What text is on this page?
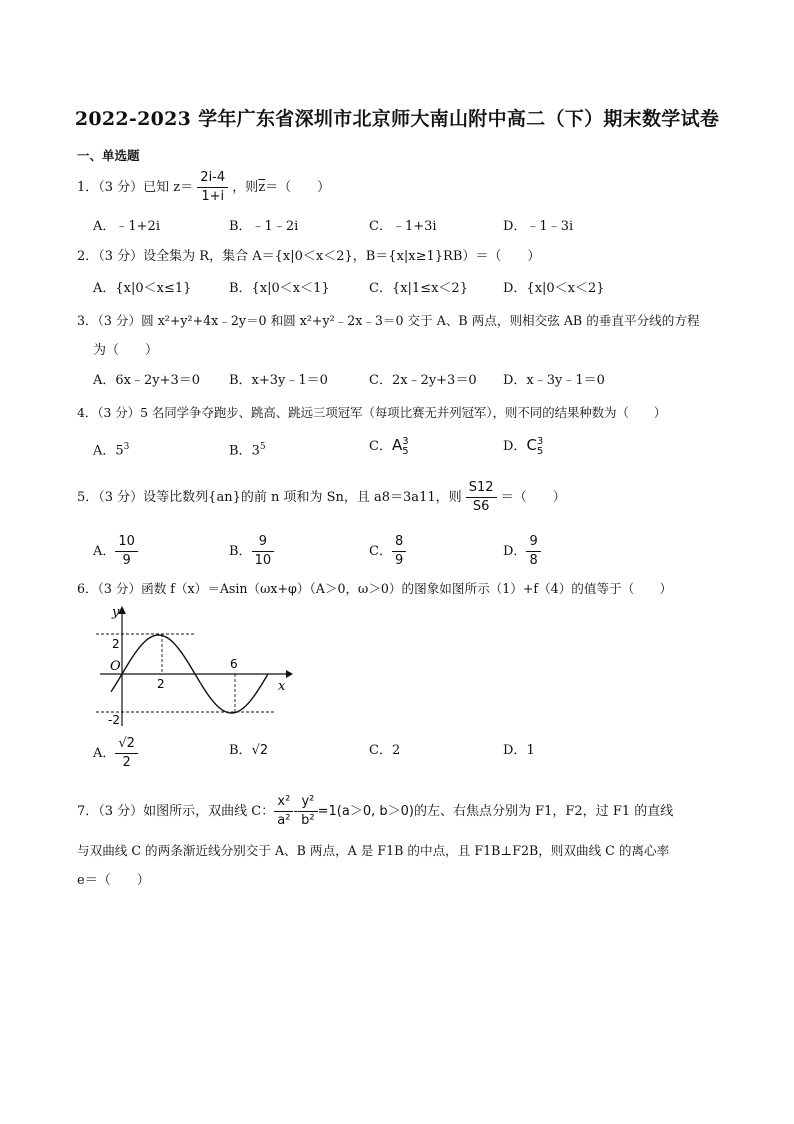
2022-2023 学年广东省深圳市北京师大南山附中高二（下）期末数学试卷
一、单选题
1．（3 分）已知 $z= \frac{2i-4}{1+i}$ ，则$\overline{z}=$（　　）
A．﹣1+2i	B．﹣1﹣2i	C．﹣1+3i	D．﹣1﹣3i
2．（3 分）设全集为 R，集合 A＝{x|0＜x＜2}，B＝{x|x≥1}RB）＝（　　）
A．{x|0＜x≤1}	B．{x|0＜x＜1}	C．{x|1≤x＜2}	D．{x|0＜x＜2}
3．（3 分）圆 x²+y²+4x﹣2y＝0 和圆 x²+y²﹣2x﹣3＝0 交于 A、B 两点，则相交弦 AB 的垂直平分线的方程
为（　　）
A．6x﹣2y+3＝0 B．x+3y﹣1＝0	C．2x﹣2y+3＝0 D．x﹣3y﹣1＝0
4．（3 分）5 名同学争夺跑步、跳高、跳远三项冠军（每项比赛无并列冠军），则不同的结果种数为（　　）
A．$5^3$	B．$3^5$	C．A 3
5	D．C 3
5
5．（3 分）设等比数列{an}的前 n 项和为 Sn，且 a8＝3a11，则 $\frac{S12}{S6}$ ＝（　　）
A． $\frac{10}{9}$	B． $\frac{9}{10}$	C． $\frac{8}{9}$	D． $\frac{9}{8}$
6．（3 分）函数 f（x）＝Asin（ωx+φ）（A＞0，ω＞0）的图象如图所示（1）+f（4）的值等于（　　）
y
x
O
2
-2
2
6
A． $\frac{√2}{2}$	B．√2	C．2	D．1
7．（3 分）如图所示，双曲线 C： $\frac{\text{x²}}{\text{a²}} - \frac{\text{y²}}{\text{b²}} =1(a>0$, b＞0)的左、右焦点分别为 F1，F2，过 F1 的直线
与双曲线 C 的两条渐近线分别交于 A、B 两点，A 是 F1B 的中点，且 F1B⊥F2B，则双曲线 C 的离心率
e＝（　　）
